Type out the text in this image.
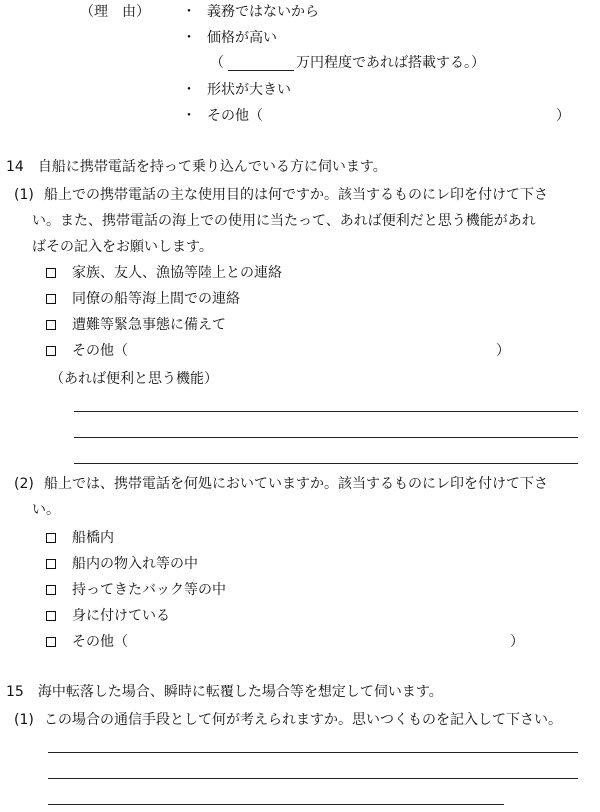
（理　由） ・ 義務ではないから
・ 価格が高い
（	万円程度であれば搭載する。）
・ 形状が大きい
・ その他（	）
14　自船に携帯電話を持って乗り込んでいる方に伺います。
(1) 船上での携帯電話の主な使用目的は何ですか。該当するものにレ印を付けて下さ
い。また、携帯電話の海上での使用に当たって、あれば便利だと思う機能があれ
ばその記入をお願いします。
家族、友人、漁協等陸上との連絡
同僚の船等海上間での連絡
遭難等緊急事態に備えて
その他（	）
（あれば便利と思う機能）
(2) 船上では、携帯電話を何処においていますか。該当するものにレ印を付けて下さ
い。
船橋内
船内の物入れ等の中
持ってきたバック等の中
身に付けている
その他（	）
15　海中転落した場合、瞬時に転覆した場合等を想定して伺います。
(1) この場合の通信手段として何が考えられますか。思いつくものを記入して下さい。
